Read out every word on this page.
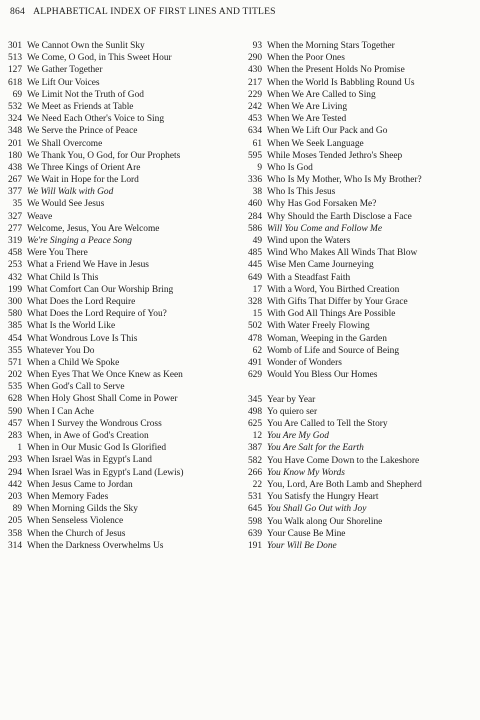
864 ALPHABETICAL INDEX OF FIRST LINES AND TITLES
301 We Cannot Own the Sunlit Sky
513 We Come, O God, in This Sweet Hour
127 We Gather Together
618 We Lift Our Voices
69 We Limit Not the Truth of God
532 We Meet as Friends at Table
324 We Need Each Other's Voice to Sing
348 We Serve the Prince of Peace
201 We Shall Overcome
180 We Thank You, O God, for Our Prophets
438 We Three Kings of Orient Are
267 We Wait in Hope for the Lord
377 We Will Walk with God
35 We Would See Jesus
327 Weave
277 Welcome, Jesus, You Are Welcome
319 We're Singing a Peace Song
458 Were You There
253 What a Friend We Have in Jesus
432 What Child Is This
199 What Comfort Can Our Worship Bring
300 What Does the Lord Require
580 What Does the Lord Require of You?
385 What Is the World Like
454 What Wondrous Love Is This
355 Whatever You Do
571 When a Child We Spoke
202 When Eyes That We Once Knew as Keen
535 When God's Call to Serve
628 When Holy Ghost Shall Come in Power
590 When I Can Ache
457 When I Survey the Wondrous Cross
283 When, in Awe of God's Creation
1 When in Our Music God Is Glorified
293 When Israel Was in Egypt's Land
294 When Israel Was in Egypt's Land (Lewis)
442 When Jesus Came to Jordan
203 When Memory Fades
89 When Morning Gilds the Sky
205 When Senseless Violence
358 When the Church of Jesus
314 When the Darkness Overwhelms Us
93 When the Morning Stars Together
290 When the Poor Ones
430 When the Present Holds No Promise
217 When the World Is Babbling Round Us
229 When We Are Called to Sing
242 When We Are Living
453 When We Are Tested
634 When We Lift Our Pack and Go
61 When We Seek Language
595 While Moses Tended Jethro's Sheep
9 Who Is God
336 Who Is My Mother, Who Is My Brother?
38 Who Is This Jesus
460 Why Has God Forsaken Me?
284 Why Should the Earth Disclose a Face
586 Will You Come and Follow Me
49 Wind upon the Waters
485 Wind Who Makes All Winds That Blow
445 Wise Men Came Journeying
649 With a Steadfast Faith
17 With a Word, You Birthed Creation
328 With Gifts That Differ by Your Grace
15 With God All Things Are Possible
502 With Water Freely Flowing
478 Woman, Weeping in the Garden
62 Womb of Life and Source of Being
491 Wonder of Wonders
629 Would You Bless Our Homes
345 Year by Year
498 Yo quiero ser
625 You Are Called to Tell the Story
12 You Are My God
387 You Are Salt for the Earth
582 You Have Come Down to the Lakeshore
266 You Know My Words
22 You, Lord, Are Both Lamb and Shepherd
531 You Satisfy the Hungry Heart
645 You Shall Go Out with Joy
598 You Walk along Our Shoreline
639 Your Cause Be Mine
191 Your Will Be Done
